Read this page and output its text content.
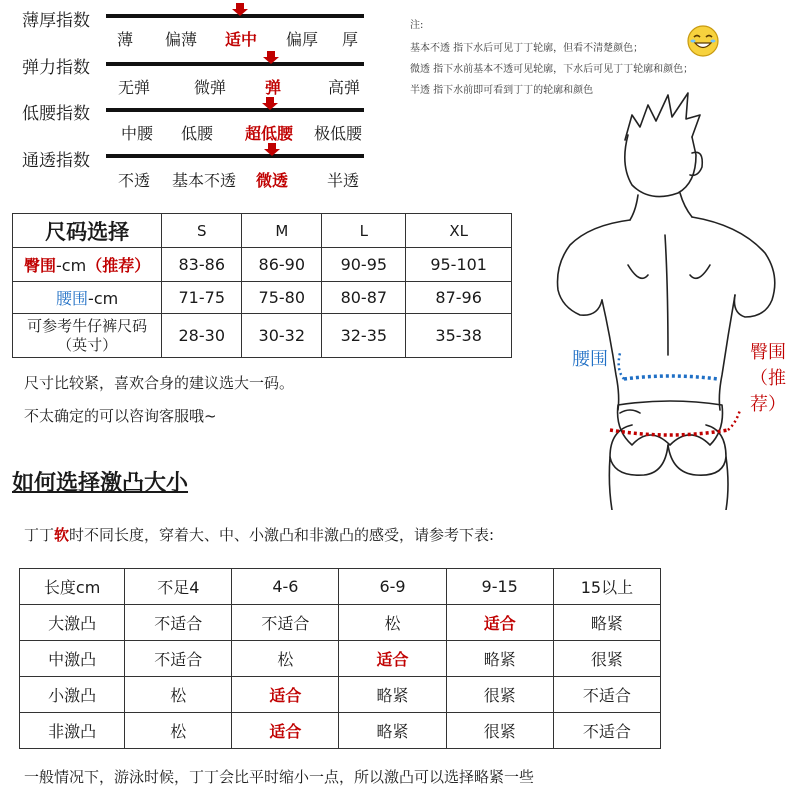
薄厚指数
薄 偏薄 适中 偏厚 厚
弹力指数
无弹	微弹 弹	高弹
低腰指数
中腰 低腰 超低腰 极低腰
通透指数
不透 基本不透 微透 半透
注:
基本不透 指下水后可见丁丁轮廓，但看不清楚颜色；
微透 指下水前基本不透可见轮廓，下水后可见丁丁轮廓和颜色；
半透 指下水前即可看到丁丁的轮廓和颜色
尺码选择	S	M	L	XL
臀围-cm（推荐）	83-86	86-90	90-95	95-101
腰围-cm	71-75	75-80	80-87	87-96
可参考牛仔裤尺码（英寸）	28-30	30-32	32-35	35-38
尺寸比较紧，喜欢合身的建议选大一码。
不太确定的可以咨询客服哦~
腰围	臀围（推荐）
如何选择激凸大小
丁丁软时不同长度，穿着大、中、小激凸和非激凸的感受，请参考下表:
长度cm	不足4	4-6	6-9	9-15	15以上
大激凸	不适合	不适合	松	适合	略紧
中激凸	不适合	松	适合	略紧	很紧
小激凸	松	适合	略紧	很紧	不适合
非激凸	松	适合	略紧	很紧	不适合
一般情况下，游泳时候，丁丁会比平时缩小一点，所以激凸可以选择略紧一些
